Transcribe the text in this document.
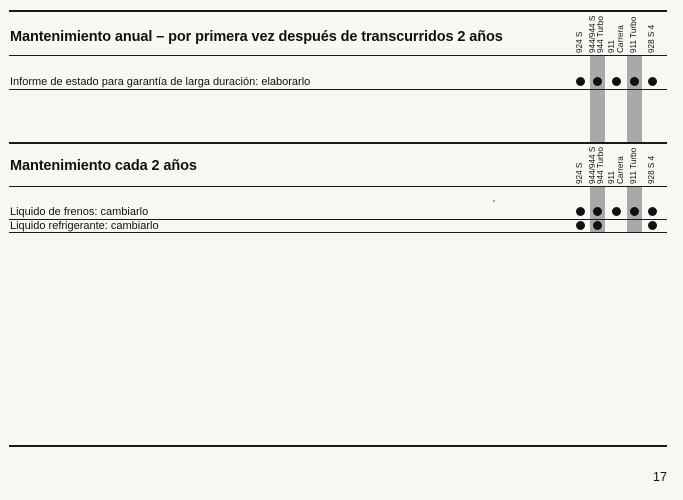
Mantenimiento anual – por primera vez después de transcurridos 2 años	924 S 944/944 S 944 Turbo 911
Carrera 911 Turbo 928 S 4
Informe de estado para garantía de larga duración: elaborarlo
Mantenimiento cada 2 años	924 S 944/944 S 944 Turbo 911
Carrera 911 Turbo 928 S 4
Liquido de frenos: cambiarlo
Liquido refrigerante: cambiarlo
17
